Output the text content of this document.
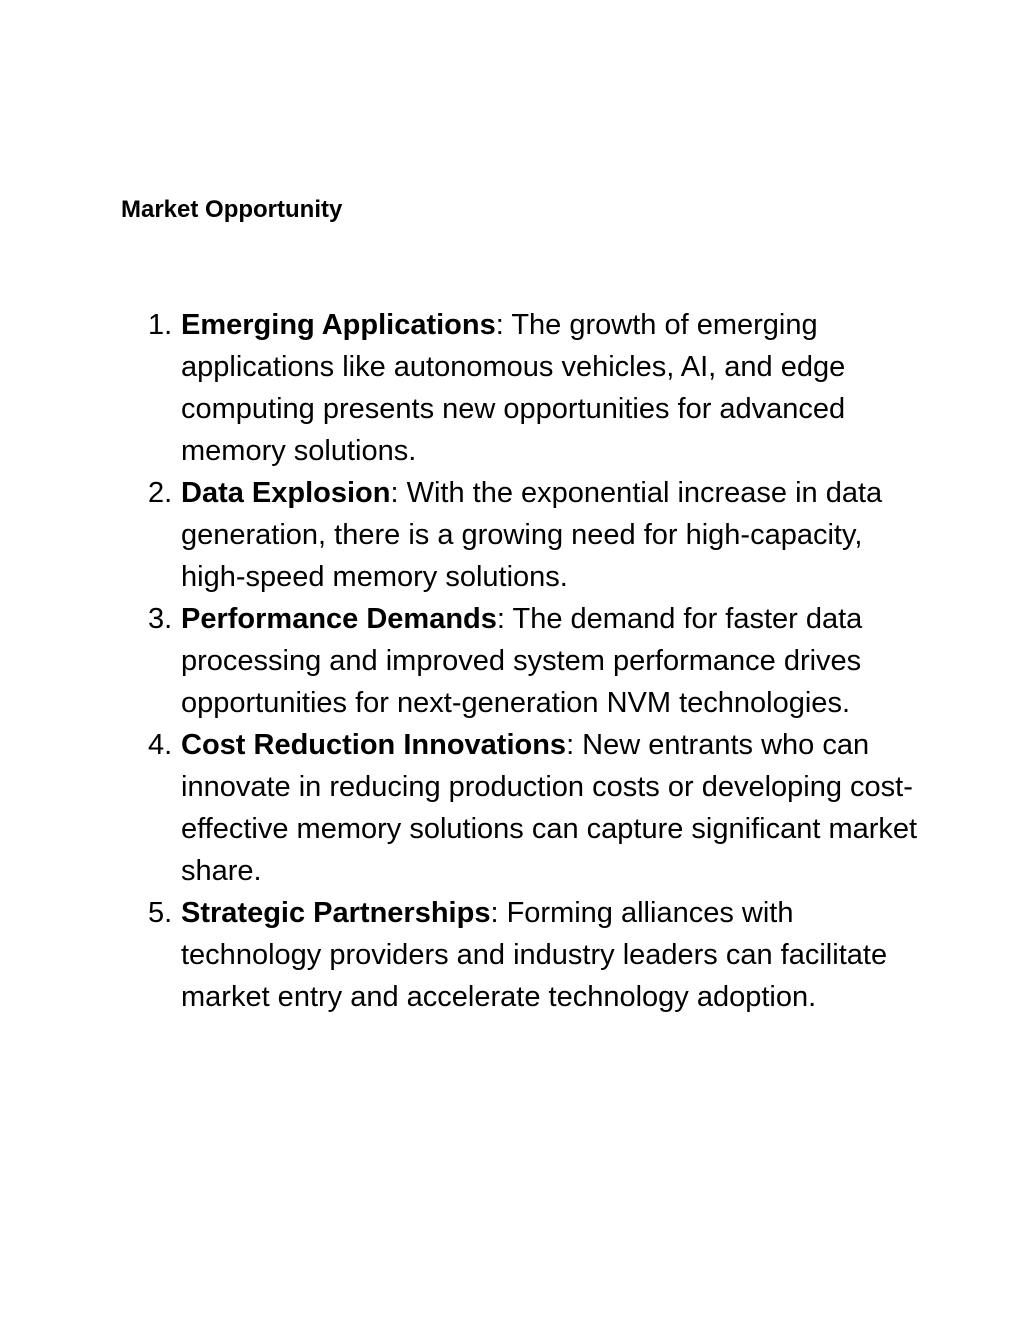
Market Opportunity
1. Emerging Applications: The growth of emerging applications like autonomous vehicles, AI, and edge computing presents new opportunities for advanced memory solutions.
2. Data Explosion: With the exponential increase in data generation, there is a growing need for high-capacity, high-speed memory solutions.
3. Performance Demands: The demand for faster data processing and improved system performance drives opportunities for next-generation NVM technologies.
4. Cost Reduction Innovations: New entrants who can innovate in reducing production costs or developing cost-effective memory solutions can capture significant market share.
5. Strategic Partnerships: Forming alliances with technology providers and industry leaders can facilitate market entry and accelerate technology adoption.
